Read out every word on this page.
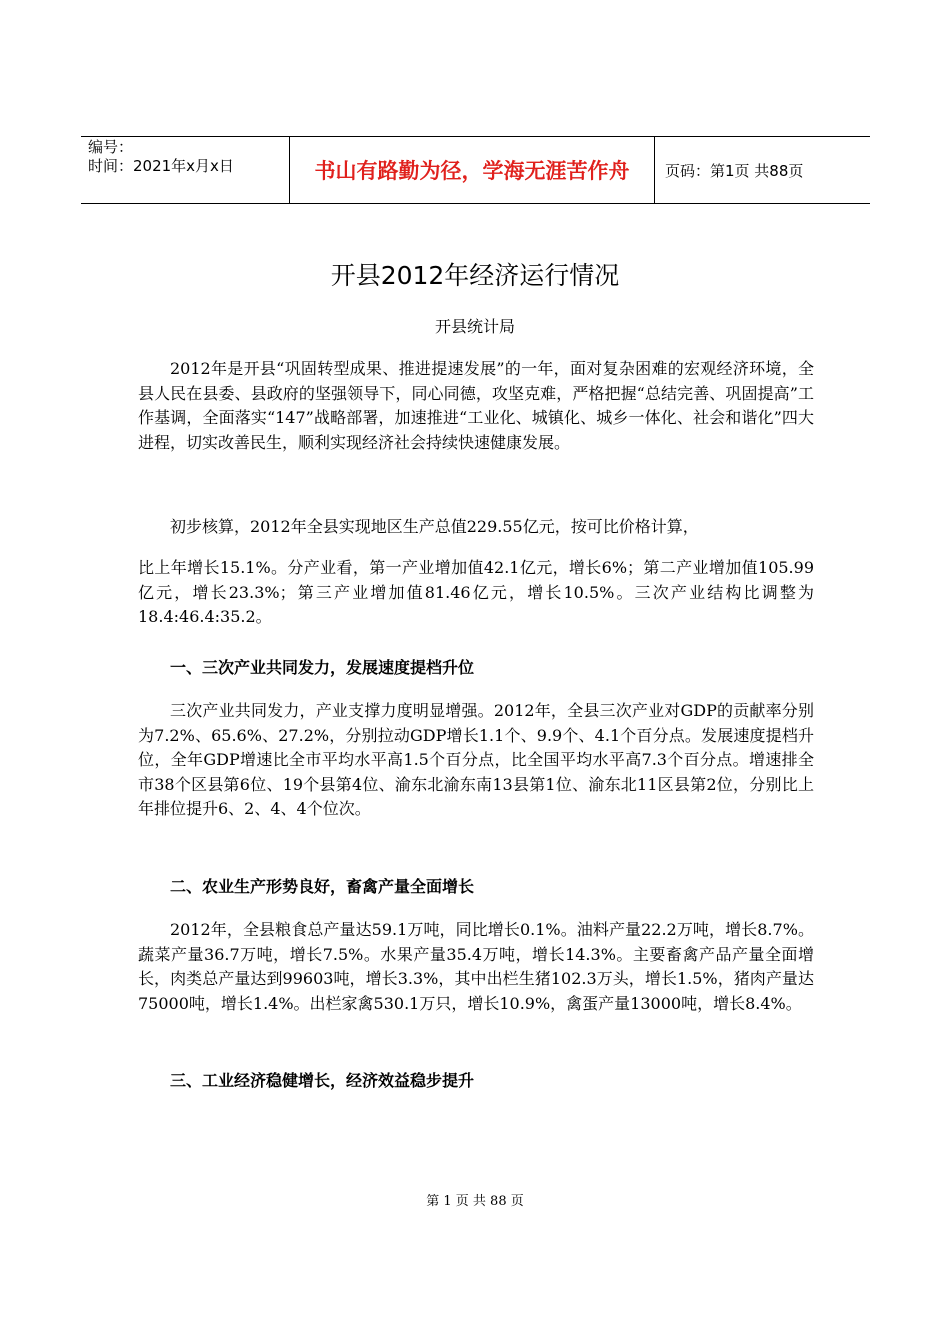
编号：
时间：2021年x月x日	书山有路勤为径，学海无涯苦作舟	页码：第1页 共88页
开县2012年经济运行情况
开县统计局

2012年是开县“巩固转型成果、推进提速发展”的一年，面对复杂困难的宏观经济环境，全县人民在县委、县政府的坚强领导下，同心同德，攻坚克难，严格把握“总结完善、巩固提高”工作基调，全面落实“147”战略部署，加速推进“工业化、城镇化、城乡一体化、社会和谐化”四大进程，切实改善民生，顺利实现经济社会持续快速健康发展。

初步核算，2012年全县实现地区生产总值229.55亿元，按可比价格计算，

比上年增长15.1%。分产业看，第一产业增加值42.1亿元，增长6%；第二产业增加值105.99亿元，增长23.3%；第三产业增加值81.46亿元，增长10.5%。三次产业结构比调整为18.4:46.4:35.2。

一、三次产业共同发力，发展速度提档升位

三次产业共同发力，产业支撑力度明显增强。2012年，全县三次产业对GDP的贡献率分别为7.2%、65.6%、27.2%，分别拉动GDP增长1.1个、9.9个、4.1个百分点。发展速度提档升位，全年GDP增速比全市平均水平高1.5个百分点，比全国平均水平高7.3个百分点。增速排全市38个区县第6位、19个县第4位、渝东北渝东南13县第1位、渝东北11区县第2位，分别比上年排位提升6、2、4、4个位次。

二、农业生产形势良好，畜禽产量全面增长

2012年，全县粮食总产量达59.1万吨，同比增长0.1%。油料产量22.2万吨，增长8.7%。蔬菜产量36.7万吨，增长7.5%。水果产量35.4万吨，增长14.3%。主要畜禽产品产量全面增长，肉类总产量达到99603吨，增长3.3%，其中出栏生猪102.3万头，增长1.5%，猪肉产量达75000吨，增长1.4%。出栏家禽530.1万只，增长10.9%，禽蛋产量13000吨，增长8.4%。

三、工业经济稳健增长，经济效益稳步提升

第 1 页 共 88 页
